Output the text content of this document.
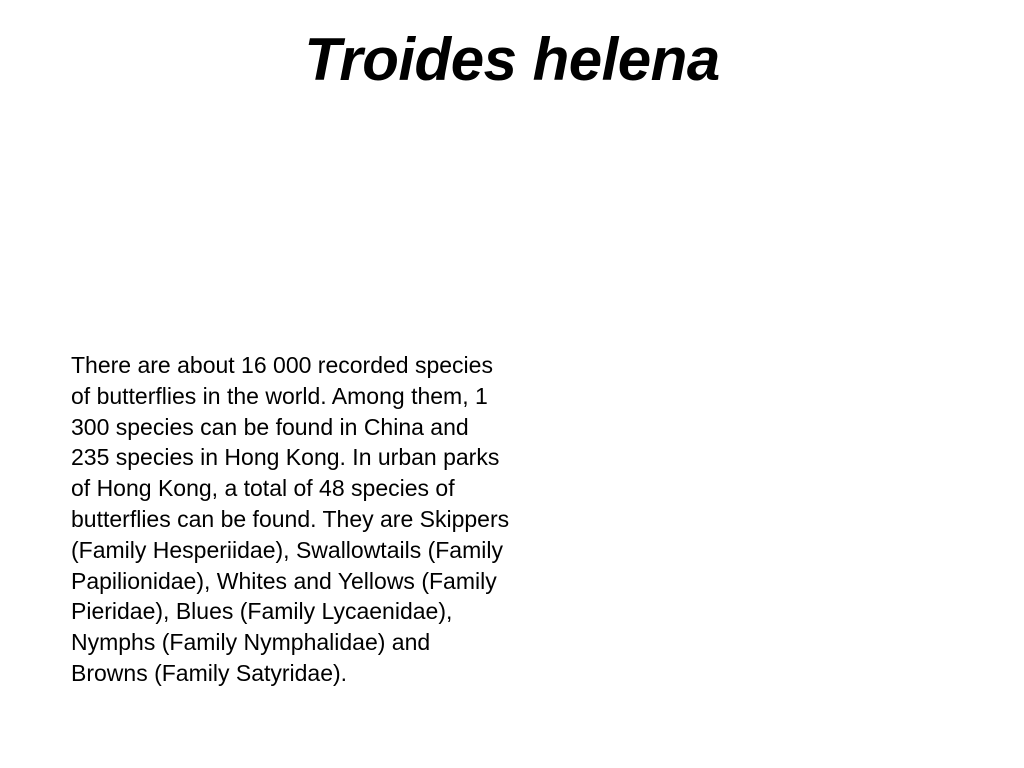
Troides helena

There are about 16 000 recorded species
of butterflies in the world. Among them, 1
300 species can be found in China and
235 species in Hong Kong. In urban parks
of Hong Kong, a total of 48 species of
butterflies can be found. They are Skippers
(Family Hesperiidae), Swallowtails (Family
Papilionidae), Whites and Yellows (Family
Pieridae), Blues (Family Lycaenidae),
Nymphs (Family Nymphalidae) and
Browns (Family Satyridae).
